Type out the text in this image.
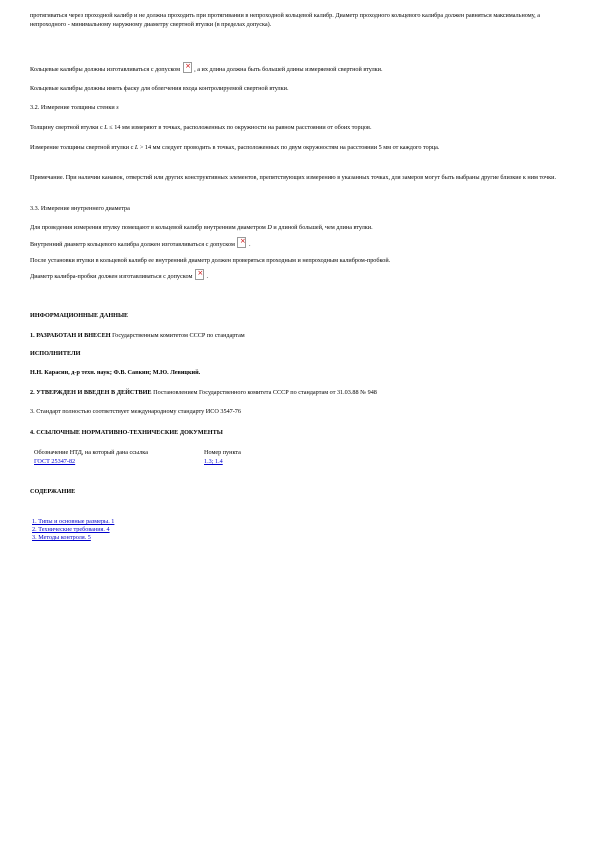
протягиваться через проходной калибр и не должна проходить при протягивании в непроходной кольцевой калибр. Диаметр проходного кольцевого калибра должен равняться максимальному, а непроходного - минимальному наружному диаметру свертной втулки (в пределах допуска).

Кольцевые калибры должны изготавливаться с допуском × , а их длина должна быть большей длины измеряемой свертной втулки.

Кольцевые калибры должны иметь фаску для облегчения входа контролируемой свертной втулки.

3.2. Измерение толщины стенки s

Толщину свертной втулки с L ≤ 14 мм измеряют в точках, расположенных по окружности на равном расстоянии от обоих торцов.

Измерение толщины свертной втулки с L > 14 мм следует проводить в точках, расположенных по двум окружностям на расстоянии 5 мм от каждого торца.

Примечание. При наличии канавок, отверстий или других конструктивных элементов, препятствующих измерению в указанных точках, для замеров могут быть выбраны другие близкие к ним точки.

3.3. Измерение внутреннего диаметра

Для проведения измерения втулку помещают в кольцевой калибр внутренним диаметром D и длиной большей, чем длина втулки.

Внутренний диаметр кольцевого калибра должен изготавливаться с допуском × .

После установки втулки в кольцевой калибр ее внутренний диаметр должен проверяться проходным и непроходным калибром-пробкой.

Диаметр калибра-пробки должен изготавливаться с допуском × .

ИНФОРМАЦИОННЫЕ ДАННЫЕ

1. РАЗРАБОТАН И ВНЕСЕН Государственным комитетом СССР по стандартам

ИСПОЛНИТЕЛИ

Н.Н. Карасин, д-р техн. наук; Ф.В. Савкин; М.Ю. Левицкий.

2. УТВЕРЖДЕН И ВВЕДЕН В ДЕЙСТВИЕ Постановлением Государственного комитета СССР по стандартам от 31.03.88 № 948

3. Стандарт полностью соответствует международному стандарту ИСО 3547-76

4. ССЫЛОЧНЫЕ НОРМАТИВНО-ТЕХНИЧЕСКИЕ ДОКУМЕНТЫ

Обозначение НТД, на который дана ссылка	Номер пункта
ГОСТ 25347-82	1.3; 1.4

СОДЕРЖАНИЕ

1. Типы и основные размеры. 1
2. Технические требования. 4
3. Методы контроля. 5
